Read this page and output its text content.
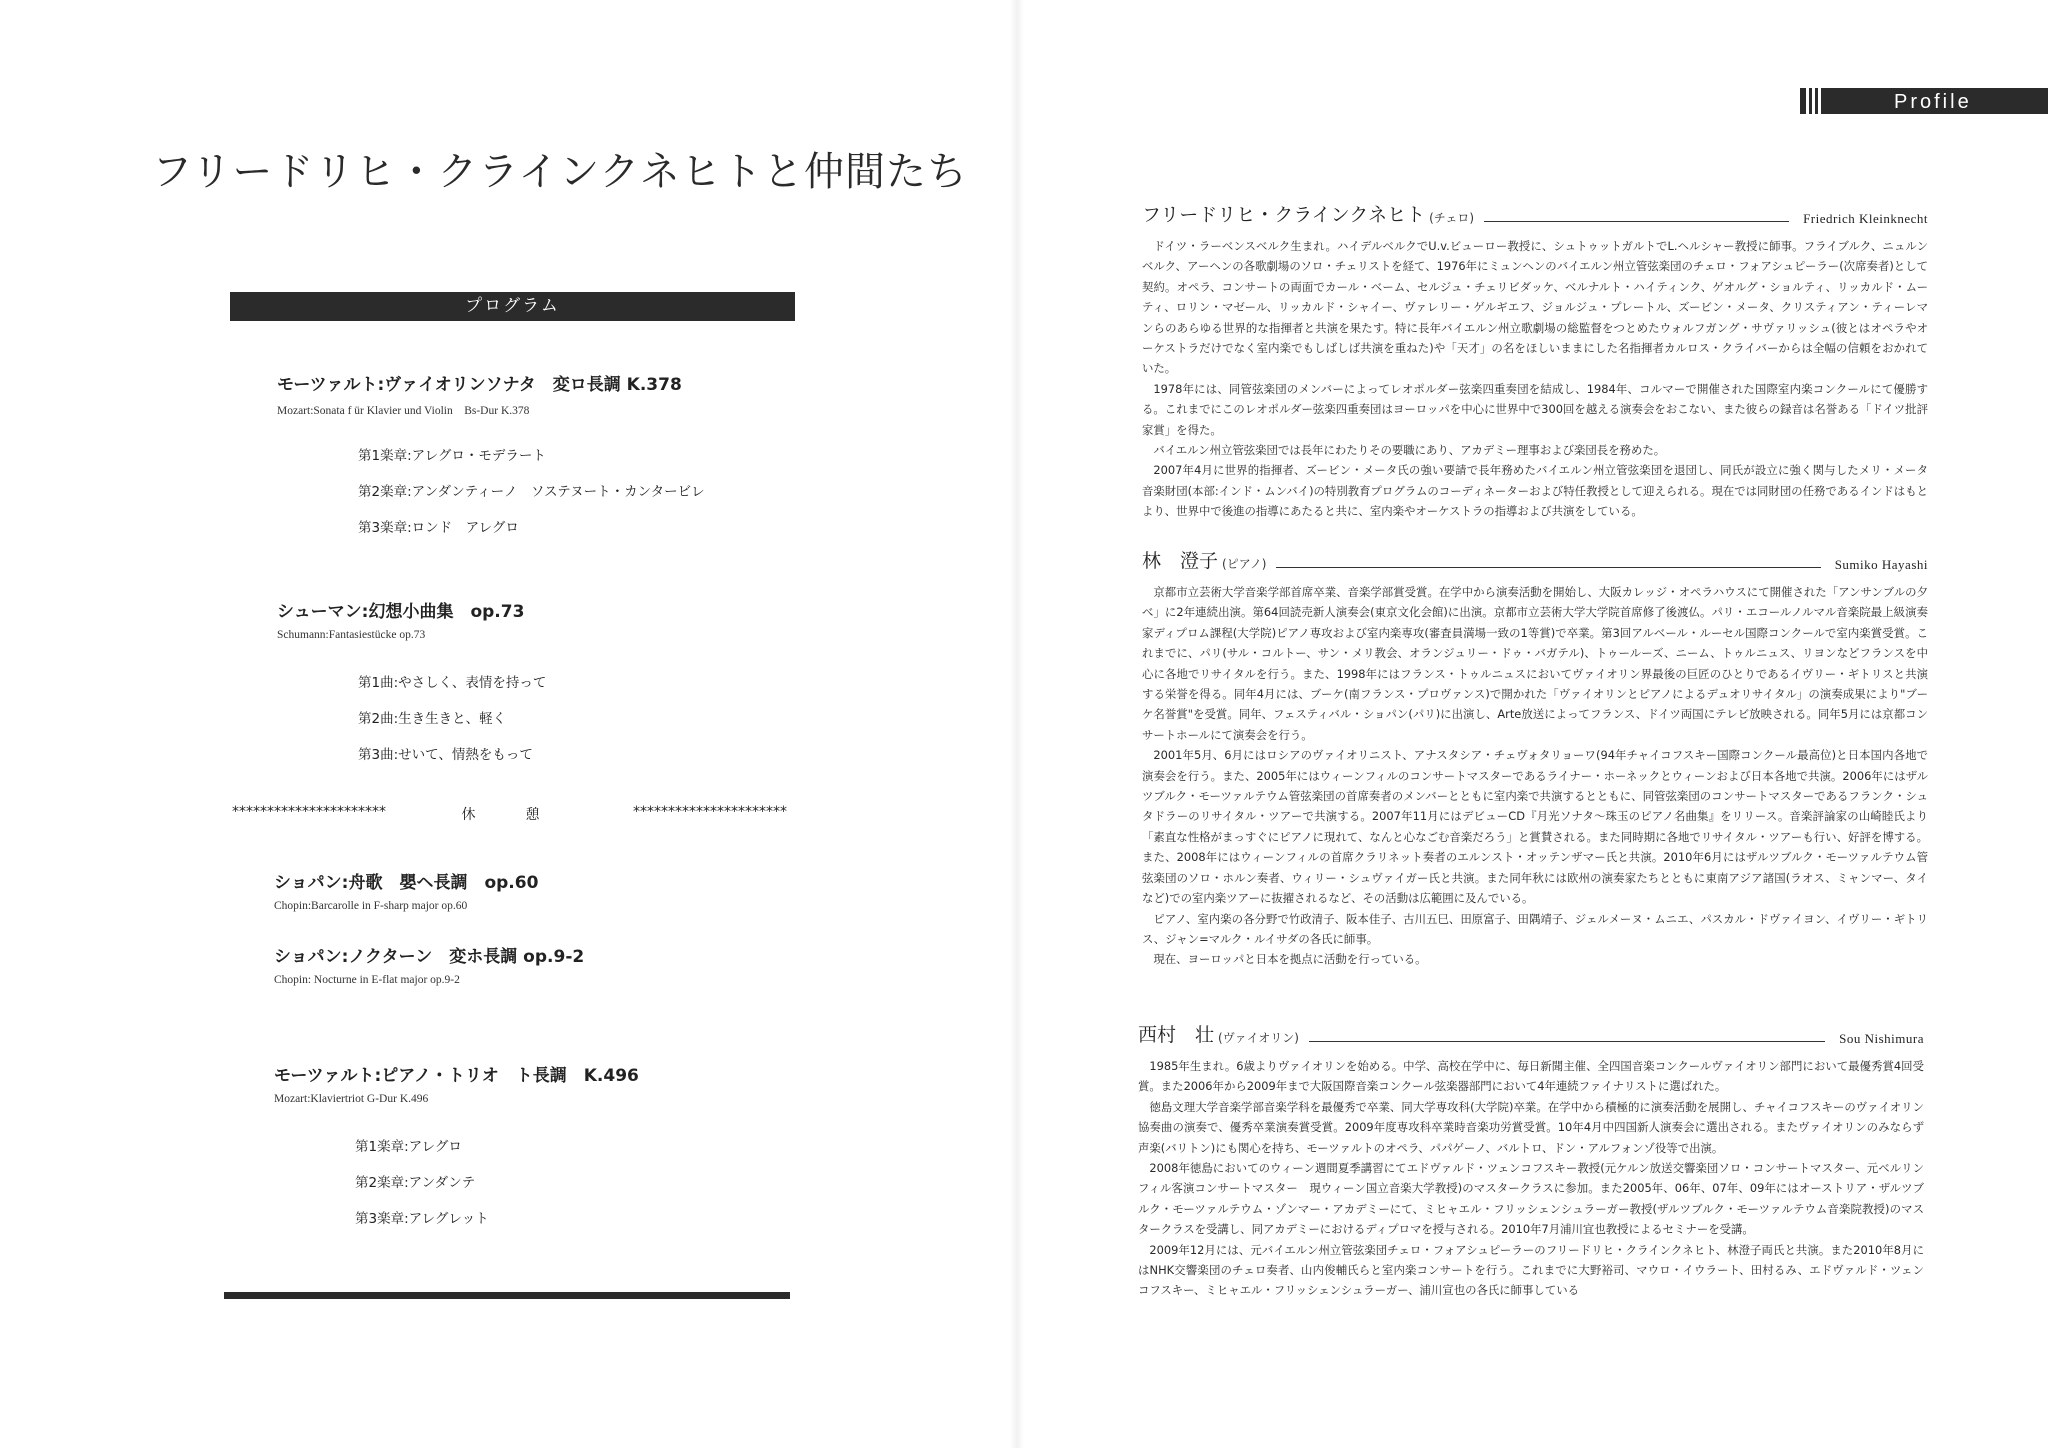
フリードリヒ・クラインクネヒトと仲間たち
プログラム
モーツァルト:ヴァイオリンソナタ　変ロ長調 K.378
Mozart:Sonata f ür Klavier und Violin　Bs-Dur K.378
第1楽章:アレグロ・モデラート
第2楽章:アンダンティーノ　ソステヌート・カンタービレ
第3楽章:ロンド　アレグロ
シューマン:幻想小曲集　op.73
Schumann:Fantasiestücke op.73
第1曲:やさしく、表情を持って
第2曲:生き生きと、軽く
第3曲:せいて、情熱をもって
**********************	休　憩	**********************
ショパン:舟歌　嬰ヘ長調　op.60
Chopin:Barcarolle in F-sharp major op.60
ショパン:ノクターン　変ホ長調 op.9-2
Chopin: Nocturne in E-flat major op.9-2
モーツァルト:ピアノ・トリオ　ト長調　K.496
Mozart:Klaviertriot G-Dur K.496
第1楽章:アレグロ
第2楽章:アンダンテ
第3楽章:アレグレット
Profile
フリードリヒ・クラインクネヒト (チェロ)	Friedrich Kleinknecht

ドイツ・ラーベンスベルク生まれ。ハイデルベルクでU.v.ビューロー教授に、シュトゥットガルトでL.ヘルシャー教授に師事。フライブルク、ニュルンベルク、アーヘンの各歌劇場のソロ・チェリストを経て、1976年にミュンヘンのバイエルン州立管弦楽団のチェロ・フォアシュピーラー(次席奏者)として契約。オペラ、コンサートの両面でカール・ベーム、セルジュ・チェリビダッケ、ベルナルト・ハイティンク、ゲオルグ・ショルティ、リッカルド・ムーティ、ロリン・マゼール、リッカルド・シャイー、ヴァレリー・ゲルギエフ、ジョルジュ・プレートル、ズービン・メータ、クリスティアン・ティーレマンらのあらゆる世界的な指揮者と共演を果たす。特に長年バイエルン州立歌劇場の総監督をつとめたウォルフガング・サヴァリッシュ(彼とはオペラやオーケストラだけでなく室内楽でもしばしば共演を重ねた)や「天才」の名をほしいままにした名指揮者カルロス・クライバーからは全幅の信頼をおかれていた。

1978年には、同管弦楽団のメンバーによってレオポルダー弦楽四重奏団を結成し、1984年、コルマーで開催された国際室内楽コンクールにて優勝する。これまでにこのレオポルダー弦楽四重奏団はヨーロッパを中心に世界中で300回を越える演奏会をおこない、また彼らの録音は名誉ある「ドイツ批評家賞」を得た。

バイエルン州立管弦楽団では長年にわたりその要職にあり、アカデミー理事および楽団長を務めた。

2007年4月に世界的指揮者、ズービン・メータ氏の強い要請で長年務めたバイエルン州立管弦楽団を退団し、同氏が設立に強く関与したメリ・メータ音楽財団(本部:インド・ムンバイ)の特別教育プログラムのコーディネーターおよび特任教授として迎えられる。現在では同財団の任務であるインドはもとより、世界中で後進の指導にあたると共に、室内楽やオーケストラの指導および共演をしている。

林　澄子 (ピアノ)	Sumiko Hayashi

京都市立芸術大学音楽学部首席卒業、音楽学部賞受賞。在学中から演奏活動を開始し、大阪カレッジ・オペラハウスにて開催された「アンサンブルの夕べ」に2年連続出演。第64回読売新人演奏会(東京文化会館)に出演。京都市立芸術大学大学院首席修了後渡仏。パリ・エコールノルマル音楽院最上級演奏家ディプロム課程(大学院)ピアノ専攻および室内楽専攻(審査員満場一致の1等賞)で卒業。第3回アルベール・ルーセル国際コンクールで室内楽賞受賞。これまでに、パリ(サル・コルトー、サン・メリ教会、オランジュリー・ドゥ・バガテル)、トゥールーズ、ニーム、トゥルニュス、リヨンなどフランスを中心に各地でリサイタルを行う。また、1998年にはフランス・トゥルニュスにおいてヴァイオリン界最後の巨匠のひとりであるイヴリー・ギトリスと共演する栄誉を得る。同年4月には、ブーケ(南フランス・プロヴァンス)で開かれた「ヴァイオリンとピアノによるデュオリサイタル」の演奏成果により"ブーケ名誉賞"を受賞。同年、フェスティバル・ショパン(パリ)に出演し、Arte放送によってフランス、ドイツ両国にテレビ放映される。同年5月には京都コンサートホールにて演奏会を行う。

2001年5月、6月にはロシアのヴァイオリニスト、アナスタシア・チェヴォタリョーワ(94年チャイコフスキー国際コンクール最高位)と日本国内各地で演奏会を行う。また、2005年にはウィーンフィルのコンサートマスターであるライナー・ホーネックとウィーンおよび日本各地で共演。2006年にはザルツブルク・モーツァルテウム管弦楽団の首席奏者のメンバーとともに室内楽で共演するとともに、同管弦楽団のコンサートマスターであるフランク・シュタドラーのリサイタル・ツアーで共演する。2007年11月にはデビューCD『月光ソナタ～珠玉のピアノ名曲集』をリリース。音楽評論家の山崎睦氏より「素直な性格がまっすぐにピアノに現れて、なんと心なごむ音楽だろう」と賞賛される。また同時期に各地でリサイタル・ツアーも行い、好評を博する。また、2008年にはウィーンフィルの首席クラリネット奏者のエルンスト・オッテンザマー氏と共演。2010年6月にはザルツブルク・モーツァルテウム管弦楽団のソロ・ホルン奏者、ウィリー・シュヴァイガー氏と共演。また同年秋には欧州の演奏家たちとともに東南アジア諸国(ラオス、ミャンマー、タイなど)での室内楽ツアーに抜擢されるなど、その活動は広範囲に及んでいる。

ピアノ、室内楽の各分野で竹政清子、阪本佳子、古川五巳、田原富子、田隅靖子、ジェルメーヌ・ムニエ、パスカル・ドヴァイヨン、イヴリー・ギトリス、ジャン=マルク・ルイサダの各氏に師事。

現在、ヨーロッパと日本を拠点に活動を行っている。

西村　壮 (ヴァイオリン)	Sou Nishimura

1985年生まれ。6歳よりヴァイオリンを始める。中学、高校在学中に、毎日新聞主催、全四国音楽コンクールヴァイオリン部門において最優秀賞4回受賞。また2006年から2009年まで大阪国際音楽コンクール弦楽器部門において4年連続ファイナリストに選ばれた。

徳島文理大学音楽学部音楽学科を最優秀で卒業、同大学専攻科(大学院)卒業。在学中から積極的に演奏活動を展開し、チャイコフスキーのヴァイオリン協奏曲の演奏で、優秀卒業演奏賞受賞。2009年度専攻科卒業時音楽功労賞受賞。10年4月中四国新人演奏会に選出される。またヴァイオリンのみならず声楽(バリトン)にも関心を持ち、モーツァルトのオペラ、パパゲーノ、バルトロ、ドン・アルフォンゾ役等で出演。

2008年徳島においてのウィーン週間夏季講習にてエドヴァルド・ツェンコフスキー教授(元ケルン放送交響楽団ソロ・コンサートマスター、元ベルリンフィル客演コンサートマスター　現ウィーン国立音楽大学教授)のマスタークラスに参加。また2005年、06年、07年、09年にはオーストリア・ザルツブルク・モーツァルテウム・ゾンマー・アカデミーにて、ミヒャエル・フリッシェンシュラーガー教授(ザルツブルク・モーツァルテウム音楽院教授)のマスタークラスを受講し、同アカデミーにおけるディプロマを授与される。2010年7月浦川宜也教授によるセミナーを受講。

2009年12月には、元バイエルン州立管弦楽団チェロ・フォアシュピーラーのフリードリヒ・クラインクネヒト、林澄子両氏と共演。また2010年8月にはNHK交響楽団のチェロ奏者、山内俊輔氏らと室内楽コンサートを行う。これまでに大野裕司、マウロ・イウラート、田村るみ、エドヴァルド・ツェンコフスキー、ミヒャエル・フリッシェンシュラーガー、浦川宣也の各氏に師事している
